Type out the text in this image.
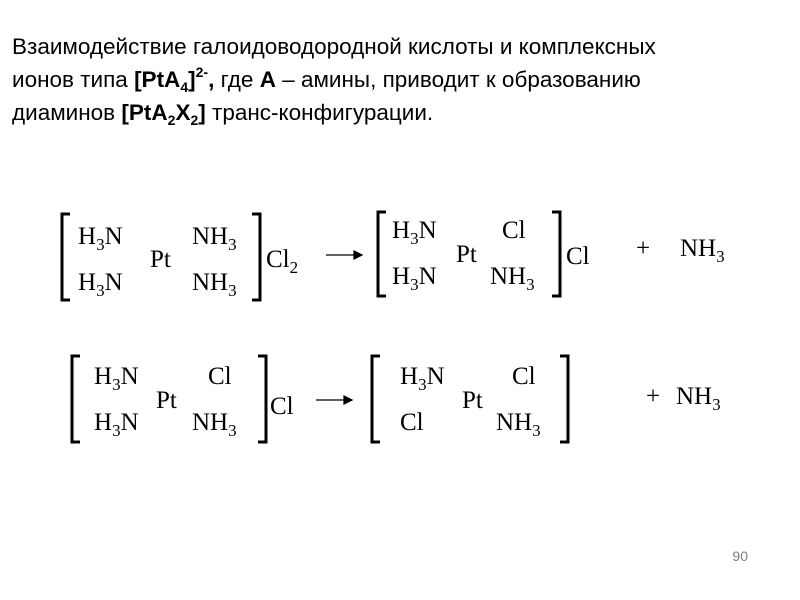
Взаимодействие галоидоводородной кислоты и комплексных
ионов типа $[PtA_4]^{2-}$, где А – амины, приводит к образованию
диаминов $[PtA_2X_2]$ транс-конфигурации.
$H_3N$	$NH_3$
Pt
$H_3N$	$NH_3$
$Cl_2$
$H_3N$	Cl
Pt
$H_3N$ $NH_3$
$Cl + NH_3$
$H_3N$	Cl
Pt
$H_3N$ $NH_3$
Cl
$H_3N$	Cl
Pt
Cl	$NH_3$
+ $NH_3$
90
